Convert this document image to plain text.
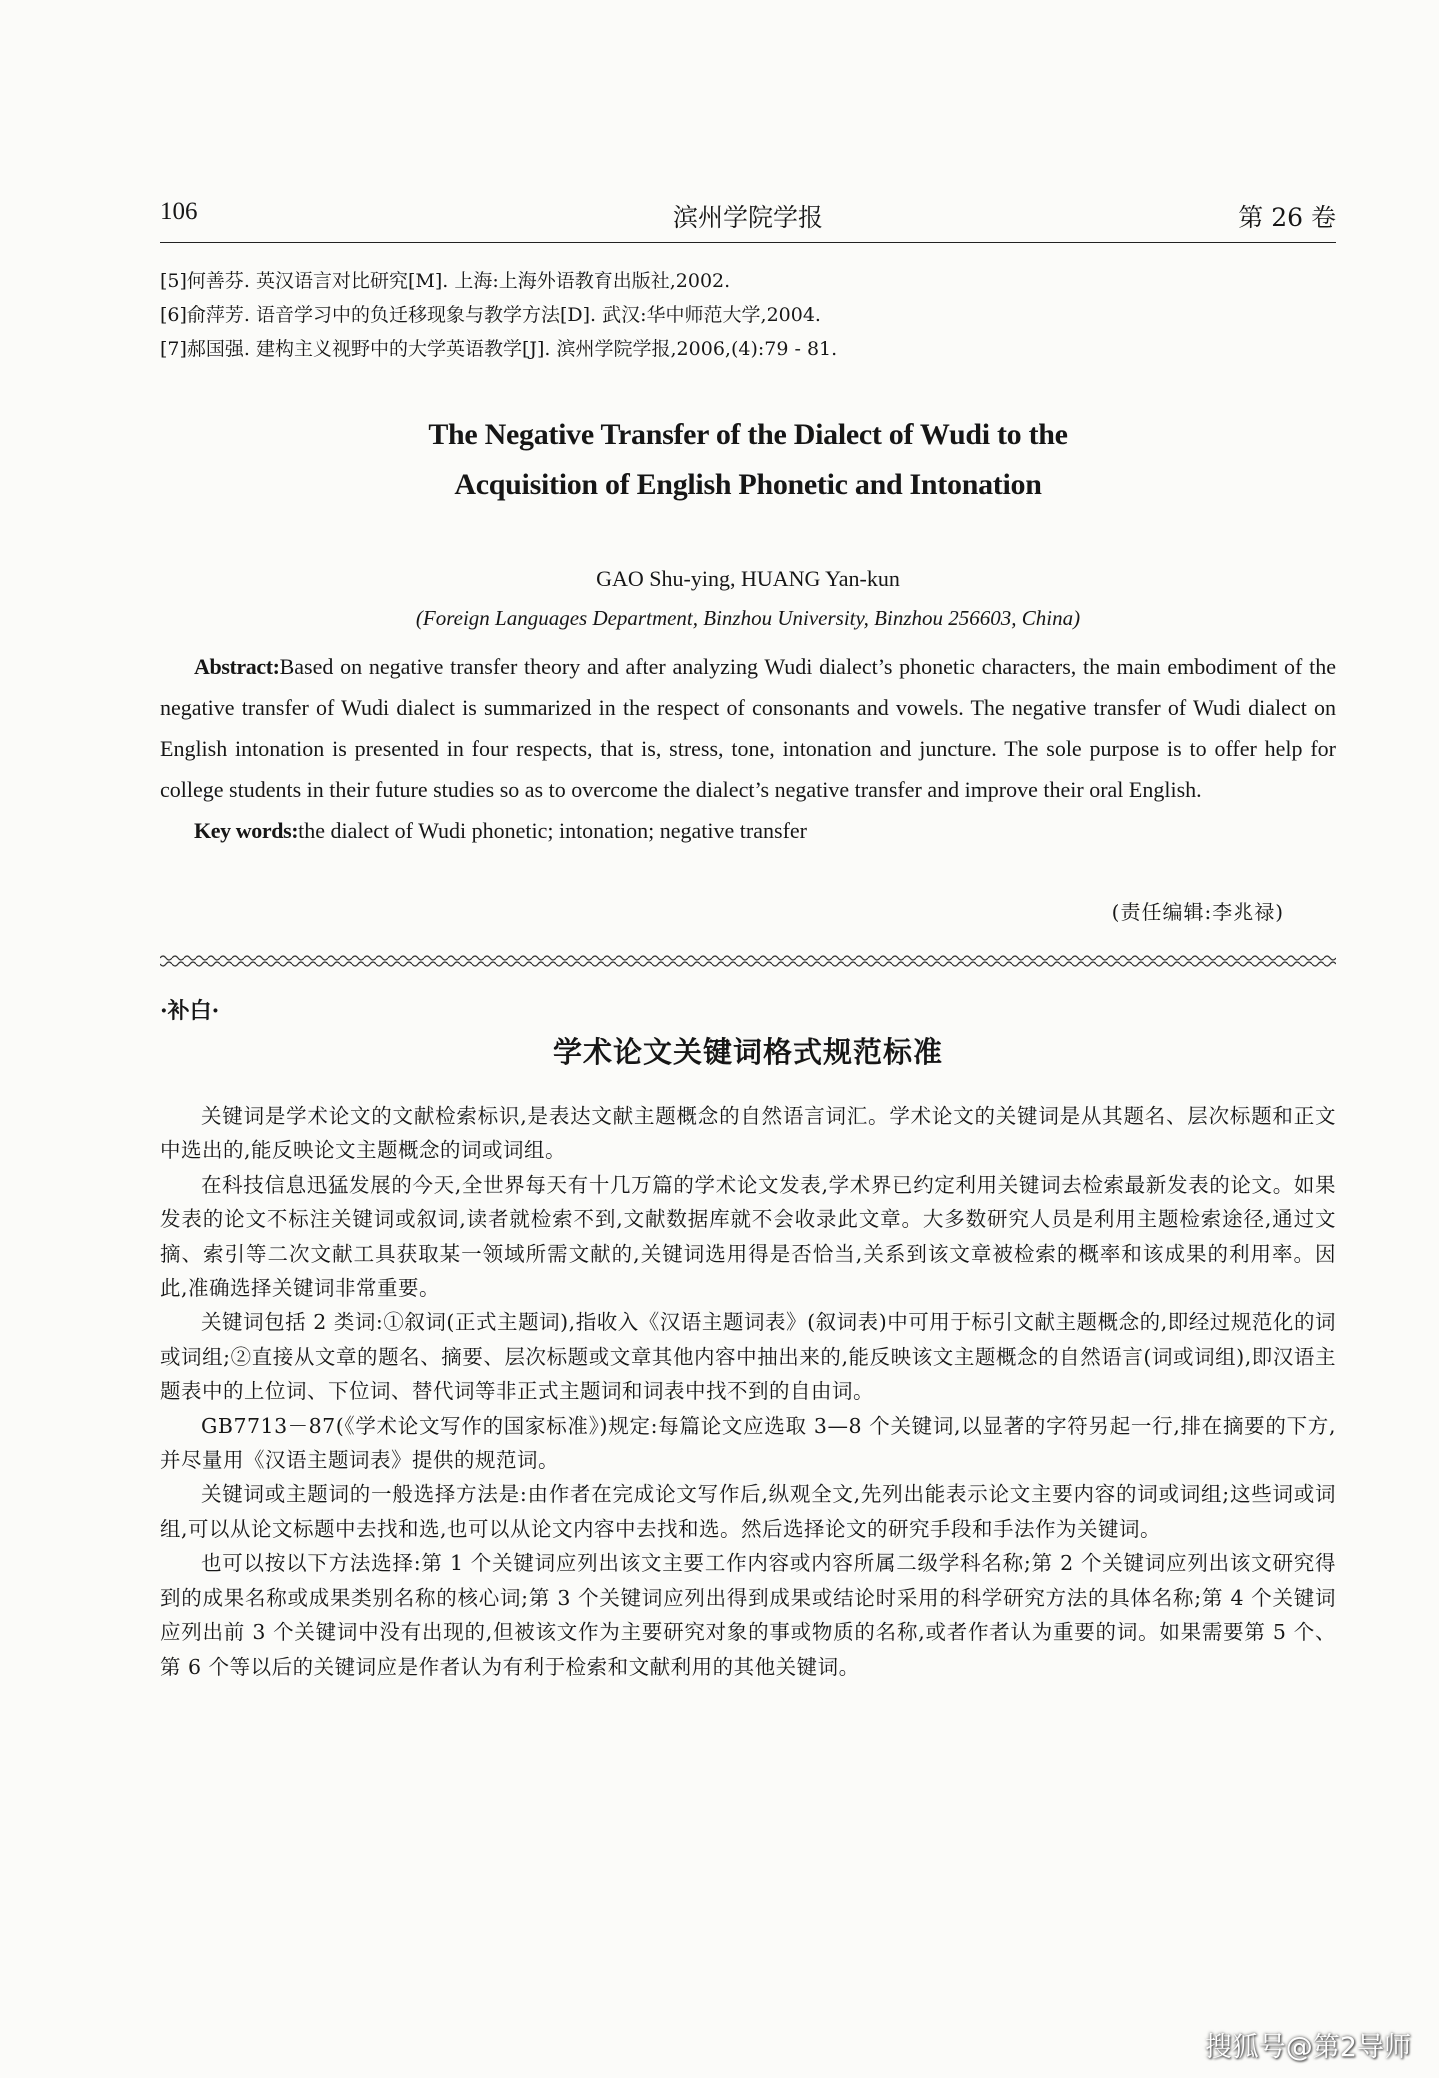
106	滨州学院学报	第 26 卷
[5]何善芬. 英汉语言对比研究[M]. 上海:上海外语教育出版社,2002.
[6]俞萍芳. 语音学习中的负迁移现象与教学方法[D]. 武汉:华中师范大学,2004.
[7]郝国强. 建构主义视野中的大学英语教学[J]. 滨州学院学报,2006,(4):79 - 81.
The Negative Transfer of the Dialect of Wudi to the
Acquisition of English Phonetic and Intonation
GAO Shu-ying, HUANG Yan-kun
(Foreign Languages Department, Binzhou University, Binzhou 256603, China)

Abstract:Based on negative transfer theory and after analyzing Wudi dialect’s phonetic characters, the main embodiment of the negative transfer of Wudi dialect is summarized in the respect of consonants and vowels. The negative transfer of Wudi dialect on English intonation is presented in four respects, that is, stress, tone, intonation and juncture. The sole purpose is to offer help for college students in their future studies so as to overcome the dialect’s negative transfer and improve their oral English.

Key words:the dialect of Wudi phonetic; intonation; negative transfer

(责任编辑:李兆禄)
·补白·
学术论文关键词格式规范标准

关键词是学术论文的文献检索标识,是表达文献主题概念的自然语言词汇。学术论文的关键词是从其题名、层次标题和正文中选出的,能反映论文主题概念的词或词组。

在科技信息迅猛发展的今天,全世界每天有十几万篇的学术论文发表,学术界已约定利用关键词去检索最新发表的论文。如果发表的论文不标注关键词或叙词,读者就检索不到,文献数据库就不会收录此文章。大多数研究人员是利用主题检索途径,通过文摘、索引等二次文献工具获取某一领域所需文献的,关键词选用得是否恰当,关系到该文章被检索的概率和该成果的利用率。因此,准确选择关键词非常重要。

关键词包括 2 类词:①叙词(正式主题词),指收入《汉语主题词表》(叙词表)中可用于标引文献主题概念的,即经过规范化的词或词组;②直接从文章的题名、摘要、层次标题或文章其他内容中抽出来的,能反映该文主题概念的自然语言(词或词组),即汉语主题表中的上位词、下位词、替代词等非正式主题词和词表中找不到的自由词。

GB7713－87(《学术论文写作的国家标准》)规定:每篇论文应选取 3—8 个关键词,以显著的字符另起一行,排在摘要的下方,并尽量用《汉语主题词表》提供的规范词。

关键词或主题词的一般选择方法是:由作者在完成论文写作后,纵观全文,先列出能表示论文主要内容的词或词组;这些词或词组,可以从论文标题中去找和选,也可以从论文内容中去找和选。然后选择论文的研究手段和手法作为关键词。

也可以按以下方法选择:第 1 个关键词应列出该文主要工作内容或内容所属二级学科名称;第 2 个关键词应列出该文研究得到的成果名称或成果类别名称的核心词;第 3 个关键词应列出得到成果或结论时采用的科学研究方法的具体名称;第 4 个关键词应列出前 3 个关键词中没有出现的,但被该文作为主要研究对象的事或物质的名称,或者作者认为重要的词。如果需要第 5 个、第 6 个等以后的关键词应是作者认为有利于检索和文献利用的其他关键词。

搜狐号@第2导师
